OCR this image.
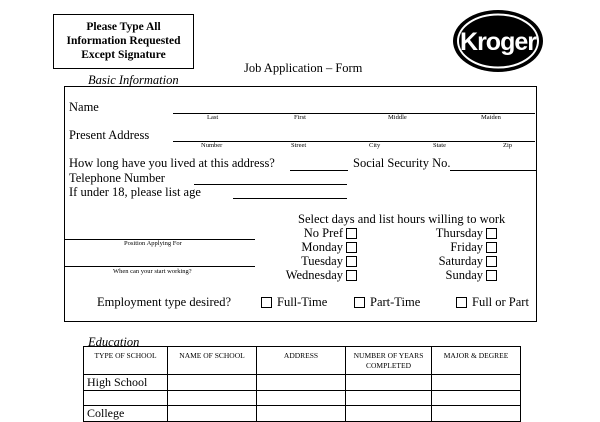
Please Type All
Information Requested
Except Signature	Kroger
Job Application – Form
Basic Information
Name
Last	First	Middle	Maiden
Present Address
Number	Street	City	State	Zip
How long have you lived at this address?	Social Security No.
Telephone Number
If under 18, please list age
Position Applying For
When can your start working?
Select days and list hours willing to work
No Pref
Monday
Tuesday
Wednesday
Thursday
Friday
Saturday
Sunday
Employment type desired?	Full-Time	Part-Time	Full or Part
Education
TYPE OF SCHOOL	NAME OF SCHOOL	ADDRESS	NUMBER OF YEARS COMPLETED	MAJOR & DEGREE
High School				

College				
